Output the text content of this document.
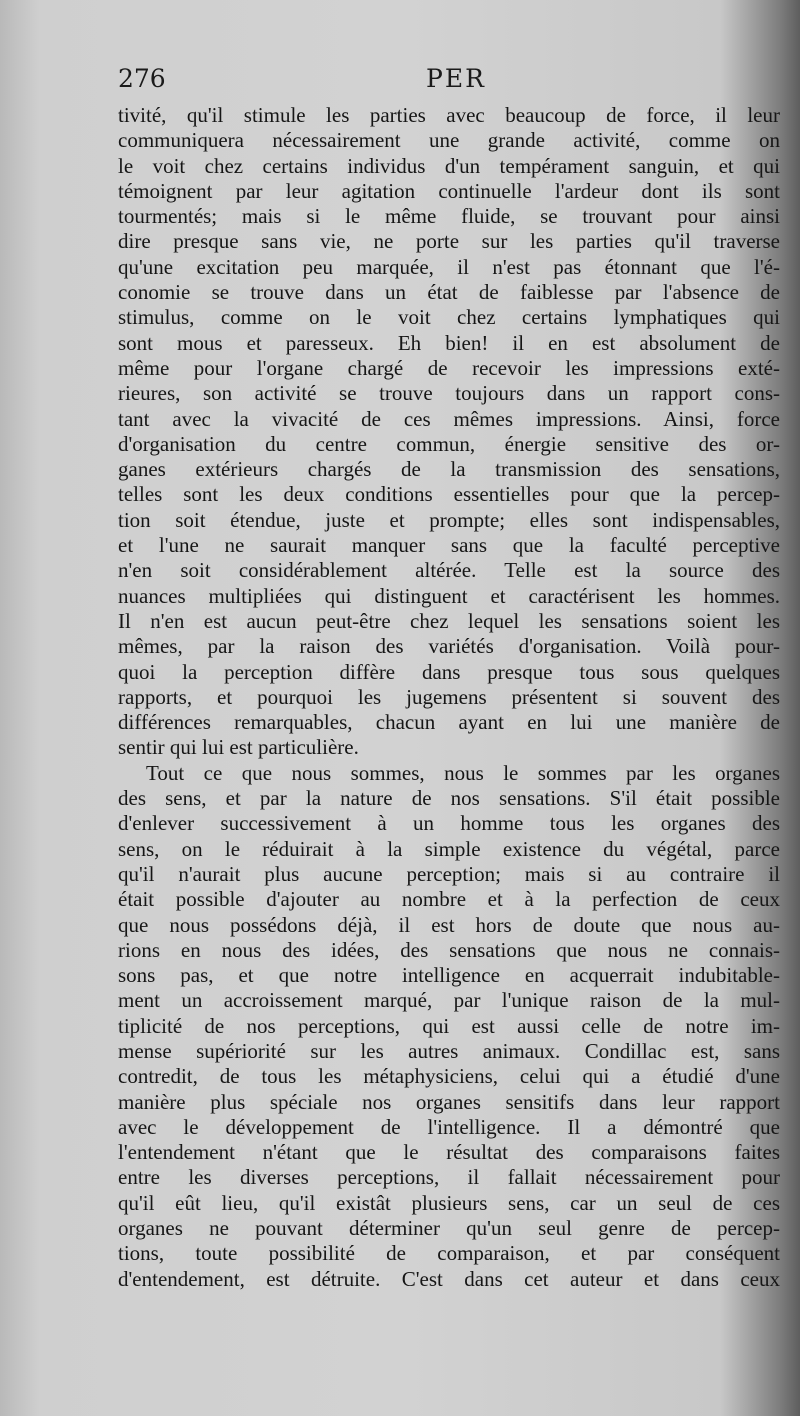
276	PER
tivité, qu'il stimule les parties avec beaucoup de force, il leur
communiquera nécessairement une grande activité, comme on
le voit chez certains individus d'un tempérament sanguin, et qui
témoignent par leur agitation continuelle l'ardeur dont ils sont
tourmentés; mais si le même fluide, se trouvant pour ainsi
dire presque sans vie, ne porte sur les parties qu'il traverse
qu'une excitation peu marquée, il n'est pas étonnant que l'é-
conomie se trouve dans un état de faiblesse par l'absence de
stimulus, comme on le voit chez certains lymphatiques qui
sont mous et paresseux. Eh bien! il en est absolument de
même pour l'organe chargé de recevoir les impressions exté-
rieures, son activité se trouve toujours dans un rapport cons-
tant avec la vivacité de ces mêmes impressions. Ainsi, force
d'organisation du centre commun, énergie sensitive des or-
ganes extérieurs chargés de la transmission des sensations,
telles sont les deux conditions essentielles pour que la percep-
tion soit étendue, juste et prompte; elles sont indispensables,
et l'une ne saurait manquer sans que la faculté perceptive
n'en soit considérablement altérée. Telle est la source des
nuances multipliées qui distinguent et caractérisent les hommes.
Il n'en est aucun peut-être chez lequel les sensations soient les
mêmes, par la raison des variétés d'organisation. Voilà pour-
quoi la perception diffère dans presque tous sous quelques
rapports, et pourquoi les jugemens présentent si souvent des
différences remarquables, chacun ayant en lui une manière de
sentir qui lui est particulière.
Tout ce que nous sommes, nous le sommes par les organes
des sens, et par la nature de nos sensations. S'il était possible
d'enlever successivement à un homme tous les organes des
sens, on le réduirait à la simple existence du végétal, parce
qu'il n'aurait plus aucune perception; mais si au contraire il
était possible d'ajouter au nombre et à la perfection de ceux
que nous possédons déjà, il est hors de doute que nous au-
rions en nous des idées, des sensations que nous ne connais-
sons pas, et que notre intelligence en acquerrait indubitable-
ment un accroissement marqué, par l'unique raison de la mul-
tiplicité de nos perceptions, qui est aussi celle de notre im-
mense supériorité sur les autres animaux. Condillac est, sans
contredit, de tous les métaphysiciens, celui qui a étudié d'une
manière plus spéciale nos organes sensitifs dans leur rapport
avec le développement de l'intelligence. Il a démontré que
l'entendement n'étant que le résultat des comparaisons faites
entre les diverses perceptions, il fallait nécessairement pour
qu'il eût lieu, qu'il existât plusieurs sens, car un seul de ces
organes ne pouvant déterminer qu'un seul genre de percep-
tions, toute possibilité de comparaison, et par conséquent
d'entendement, est détruite. C'est dans cet auteur et dans ceux
